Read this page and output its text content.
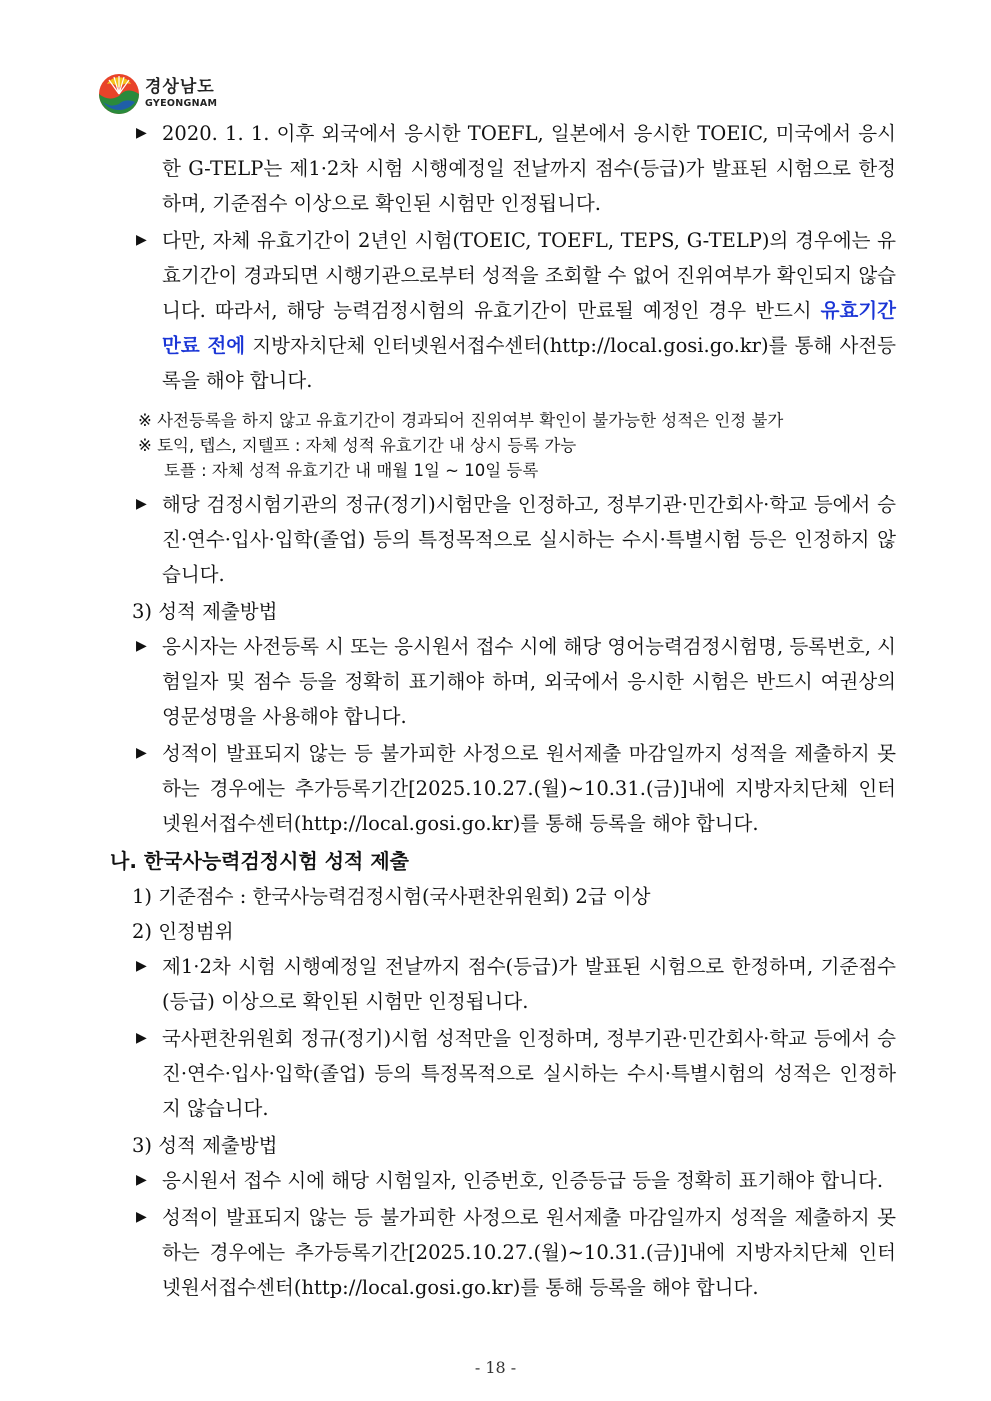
경상남도
GYEONGNAM
▶ 2020. 1. 1. 이후 외국에서 응시한 TOEFL, 일본에서 응시한 TOEIC, 미국에서 응시한 G-TELP는 제1·2차 시험 시행예정일 전날까지 점수(등급)가 발표된 시험으로 한정하며, 기준점수 이상으로 확인된 시험만 인정됩니다.
▶ 다만, 자체 유효기간이 2년인 시험(TOEIC, TOEFL, TEPS, G-TELP)의 경우에는 유효기간이 경과되면 시행기관으로부터 성적을 조회할 수 없어 진위여부가 확인되지 않습니다. 따라서, 해당 능력검정시험의 유효기간이 만료될 예정인 경우 반드시 유효기간 만료 전에 지방자치단체 인터넷원서접수센터(http://local.gosi.go.kr)를 통해 사전등록을 해야 합니다.
※ 사전등록을 하지 않고 유효기간이 경과되어 진위여부 확인이 불가능한 성적은 인정 불가
※ 토익, 텝스, 지텔프 : 자체 성적 유효기간 내 상시 등록 가능
토플 : 자체 성적 유효기간 내 매월 1일 ~ 10일 등록
▶ 해당 검정시험기관의 정규(정기)시험만을 인정하고, 정부기관·민간회사·학교 등에서 승진·연수·입사·입학(졸업) 등의 특정목적으로 실시하는 수시·특별시험 등은 인정하지 않습니다.
3) 성적 제출방법
▶ 응시자는 사전등록 시 또는 응시원서 접수 시에 해당 영어능력검정시험명, 등록번호, 시험일자 및 점수 등을 정확히 표기해야 하며, 외국에서 응시한 시험은 반드시 여권상의 영문성명을 사용해야 합니다.
▶ 성적이 발표되지 않는 등 불가피한 사정으로 원서제출 마감일까지 성적을 제출하지 못하는 경우에는 추가등록기간[2025.10.27.(월)~10.31.(금)]내에 지방자치단체 인터넷원서접수센터(http://local.gosi.go.kr)를 통해 등록을 해야 합니다.
나. 한국사능력검정시험 성적 제출
1) 기준점수 : 한국사능력검정시험(국사편찬위원회) 2급 이상
2) 인정범위
▶ 제1·2차 시험 시행예정일 전날까지 점수(등급)가 발표된 시험으로 한정하며, 기준점수(등급) 이상으로 확인된 시험만 인정됩니다.
▶ 국사편찬위원회 정규(정기)시험 성적만을 인정하며, 정부기관·민간회사·학교 등에서 승진·연수·입사·입학(졸업) 등의 특정목적으로 실시하는 수시·특별시험의 성적은 인정하지 않습니다.
3) 성적 제출방법
▶ 응시원서 접수 시에 해당 시험일자, 인증번호, 인증등급 등을 정확히 표기해야 합니다.
▶ 성적이 발표되지 않는 등 불가피한 사정으로 원서제출 마감일까지 성적을 제출하지 못하는 경우에는 추가등록기간[2025.10.27.(월)~10.31.(금)]내에 지방자치단체 인터넷원서접수센터(http://local.gosi.go.kr)를 통해 등록을 해야 합니다.
- 18 -
